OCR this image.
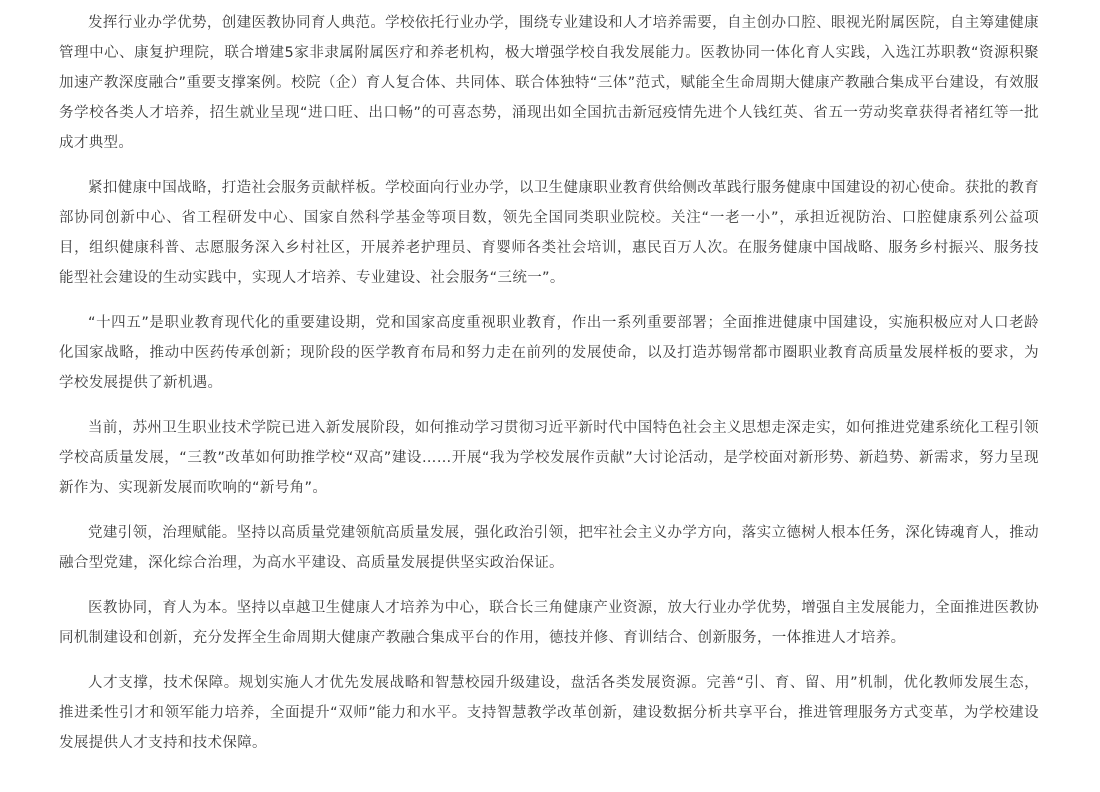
发挥行业办学优势，创建医教协同育人典范。学校依托行业办学，围绕专业建设和人才培养需要，自主创办口腔、眼视光附属医院，自主筹建健康管理中心、康复护理院，联合增建5家非隶属附属医疗和养老机构，极大增强学校自我发展能力。医教协同一体化育人实践，入选江苏职教“资源积聚加速产教深度融合”重要支撑案例。校院（企）育人复合体、共同体、联合体独特“三体”范式，赋能全生命周期大健康产教融合集成平台建设，有效服务学校各类人才培养，招生就业呈现“进口旺、出口畅”的可喜态势，涌现出如全国抗击新冠疫情先进个人钱红英、省五一劳动奖章获得者褚红等一批成才典型。

紧扣健康中国战略，打造社会服务贡献样板。学校面向行业办学，以卫生健康职业教育供给侧改革践行服务健康中国建设的初心使命。获批的教育部协同创新中心、省工程研发中心、国家自然科学基金等项目数，领先全国同类职业院校。关注“一老一小”，承担近视防治、口腔健康系列公益项目，组织健康科普、志愿服务深入乡村社区，开展养老护理员、育婴师各类社会培训，惠民百万人次。在服务健康中国战略、服务乡村振兴、服务技能型社会建设的生动实践中，实现人才培养、专业建设、社会服务“三统一”。

“十四五”是职业教育现代化的重要建设期，党和国家高度重视职业教育，作出一系列重要部署；全面推进健康中国建设，实施积极应对人口老龄化国家战略，推动中医药传承创新；现阶段的医学教育布局和努力走在前列的发展使命，以及打造苏锡常都市圈职业教育高质量发展样板的要求，为学校发展提供了新机遇。

当前，苏州卫生职业技术学院已进入新发展阶段，如何推动学习贯彻习近平新时代中国特色社会主义思想走深走实，如何推进党建系统化工程引领学校高质量发展，“三教”改革如何助推学校“双高”建设……开展“我为学校发展作贡献”大讨论活动，是学校面对新形势、新趋势、新需求，努力呈现新作为、实现新发展而吹响的“新号角”。

党建引领，治理赋能。坚持以高质量党建领航高质量发展，强化政治引领，把牢社会主义办学方向，落实立德树人根本任务，深化铸魂育人，推动融合型党建，深化综合治理，为高水平建设、高质量发展提供坚实政治保证。

医教协同，育人为本。坚持以卓越卫生健康人才培养为中心，联合长三角健康产业资源，放大行业办学优势，增强自主发展能力，全面推进医教协同机制建设和创新，充分发挥全生命周期大健康产教融合集成平台的作用，德技并修、育训结合、创新服务，一体推进人才培养。

人才支撑，技术保障。规划实施人才优先发展战略和智慧校园升级建设，盘活各类发展资源。完善“引、育、留、用”机制，优化教师发展生态，推进柔性引才和领军能力培养，全面提升“双师”能力和水平。支持智慧教学改革创新，建设数据分析共享平台，推进管理服务方式变革，为学校建设发展提供人才支持和技术保障。
